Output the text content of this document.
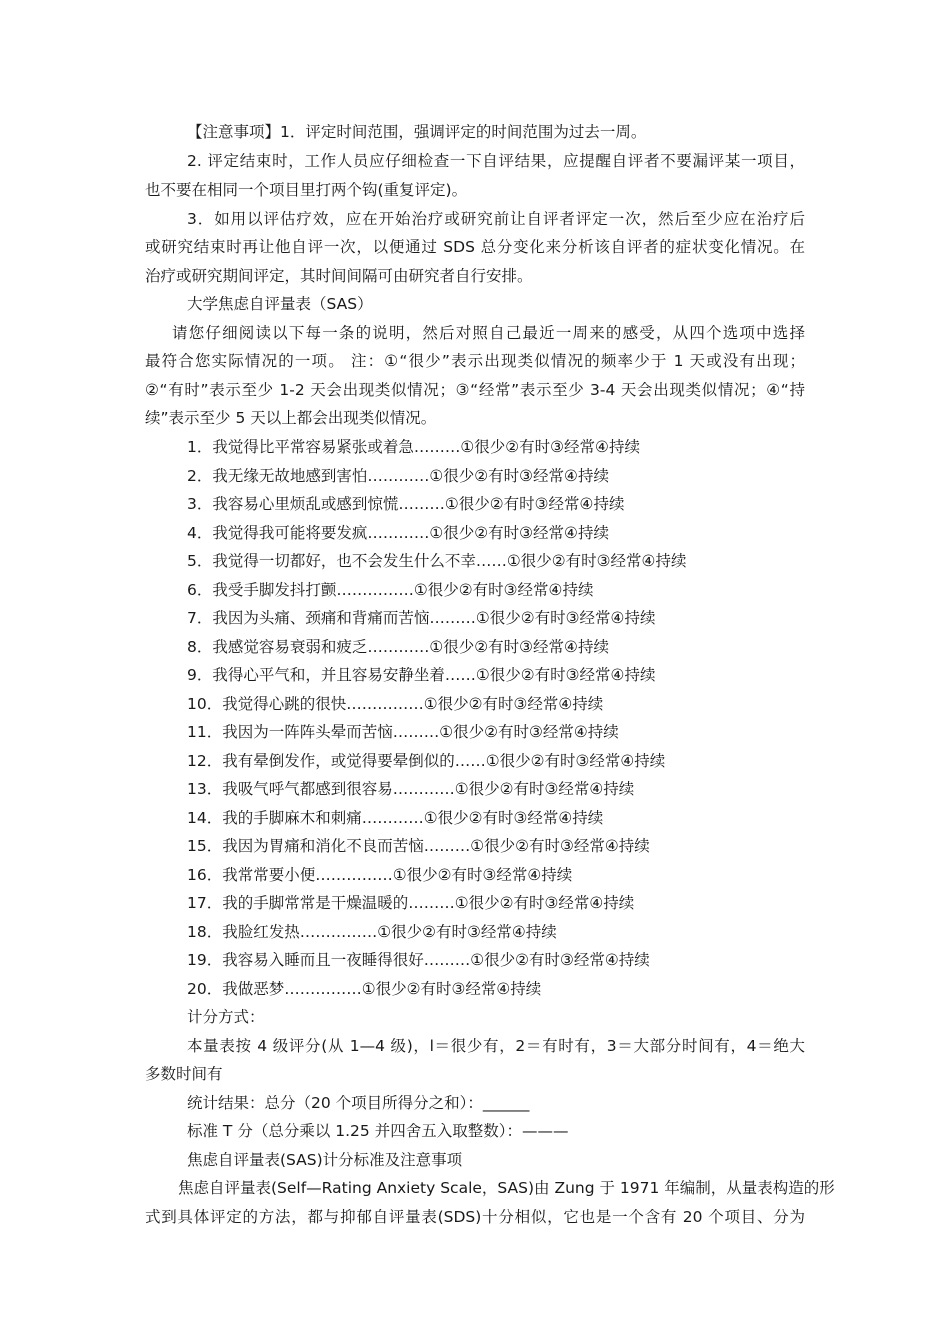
【注意事项】1．评定时间范围，强调评定的时间范围为过去一周。
2. 评定结束时，工作人员应仔细检查一下自评结果，应提醒自评者不要漏评某一项目，
也不要在相同一个项目里打两个钩(重复评定)。
3．如用以评估疗效，应在开始治疗或研究前让自评者评定一次，然后至少应在治疗后
或研究结束时再让他自评一次，以便通过 SDS 总分变化来分析该自评者的症状变化情况。在
治疗或研究期间评定，其时间间隔可由研究者自行安排。
大学焦虑自评量表（SAS）
请您仔细阅读以下每一条的说明，然后对照自己最近一周来的感受，从四个选项中选择
最符合您实际情况的一项。 注：①“很少”表示出现类似情况的频率少于 1 天或没有出现；
②“有时”表示至少 1-2 天会出现类似情况；③“经常”表示至少 3-4 天会出现类似情况；④“持
续”表示至少 5 天以上都会出现类似情况。
1．我觉得比平常容易紧张或着急………①很少②有时③经常④持续
2．我无缘无故地感到害怕…………①很少②有时③经常④持续
3．我容易心里烦乱或感到惊慌………①很少②有时③经常④持续
4．我觉得我可能将要发疯…………①很少②有时③经常④持续
5．我觉得一切都好，也不会发生什么不幸……①很少②有时③经常④持续
6．我受手脚发抖打颤……………①很少②有时③经常④持续
7．我因为头痛、颈痛和背痛而苦恼………①很少②有时③经常④持续
8．我感觉容易衰弱和疲乏…………①很少②有时③经常④持续
9．我得心平气和，并且容易安静坐着……①很少②有时③经常④持续
10．我觉得心跳的很快……………①很少②有时③经常④持续
11．我因为一阵阵头晕而苦恼………①很少②有时③经常④持续
12．我有晕倒发作，或觉得要晕倒似的……①很少②有时③经常④持续
13．我吸气呼气都感到很容易…………①很少②有时③经常④持续
14．我的手脚麻木和刺痛…………①很少②有时③经常④持续
15．我因为胃痛和消化不良而苦恼………①很少②有时③经常④持续
16．我常常要小便……………①很少②有时③经常④持续
17．我的手脚常常是干燥温暖的………①很少②有时③经常④持续
18．我脸红发热……………①很少②有时③经常④持续
19．我容易入睡而且一夜睡得很好………①很少②有时③经常④持续
20．我做恶梦……………①很少②有时③经常④持续
计分方式：
本量表按 4 级评分(从 1—4 级)，l＝很少有，2＝有时有，3＝大部分时间有，4＝绝大
多数时间有
统计结果：总分（20 个项目所得分之和）：______
标准 T 分（总分乘以 1.25 并四舍五入取整数）：———
焦虑自评量表(SAS)计分标准及注意事项
焦虑自评量表(Self—Rating Anxiety Scale，SAS)由 Zung 于 1971 年编制，从量表构造的形
式到具体评定的方法，都与抑郁自评量表(SDS)十分相似，它也是一个含有 20 个项目、分为
